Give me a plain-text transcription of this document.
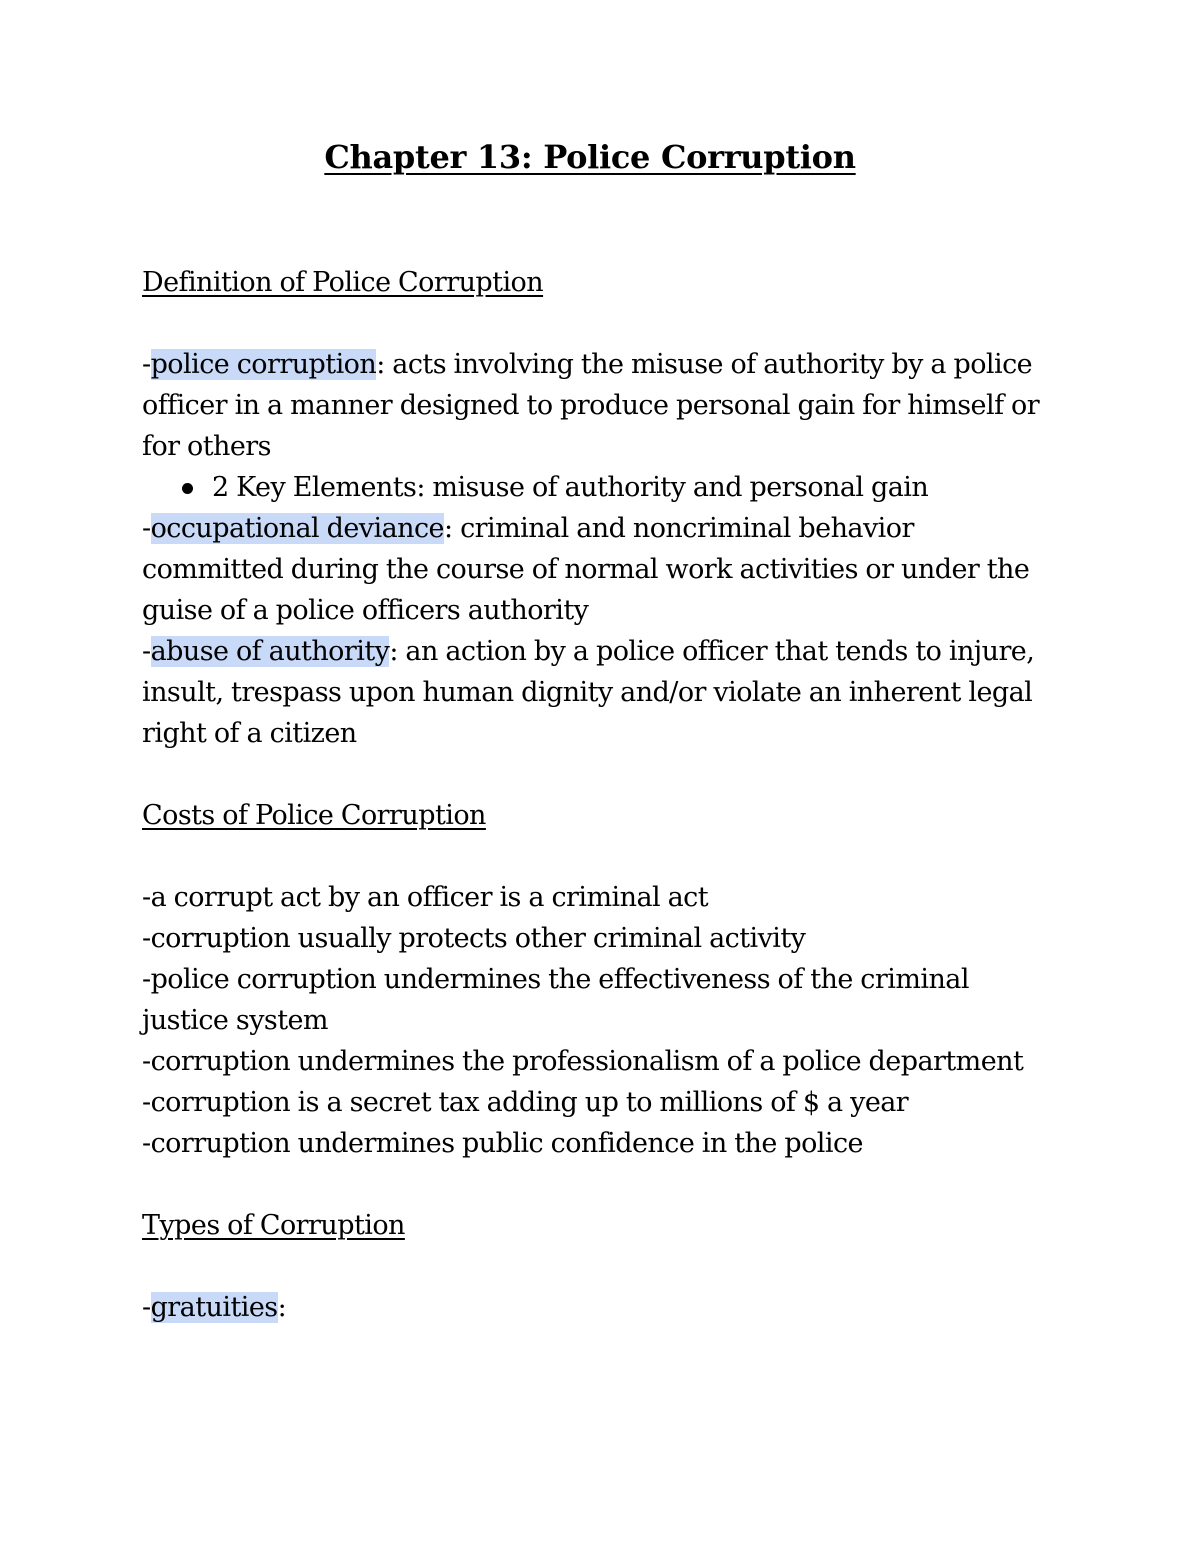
Chapter 13: Police Corruption

Definition of Police Corruption

-police corruption: acts involving the misuse of authority by a police officer in a manner designed to produce personal gain for himself or for others

2 Key Elements: misuse of authority and personal gain

-occupational deviance: criminal and noncriminal behavior committed during the course of normal work activities or under the guise of a police officers authority

-abuse of authority: an action by a police officer that tends to injure, insult, trespass upon human dignity and/or violate an inherent legal right of a citizen

Costs of Police Corruption

-a corrupt act by an officer is a criminal act

-corruption usually protects other criminal activity

-police corruption undermines the effectiveness of the criminal justice system

-corruption undermines the professionalism of a police department

-corruption is a secret tax adding up to millions of $ a year

-corruption undermines public confidence in the police

Types of Corruption

-gratuities:
